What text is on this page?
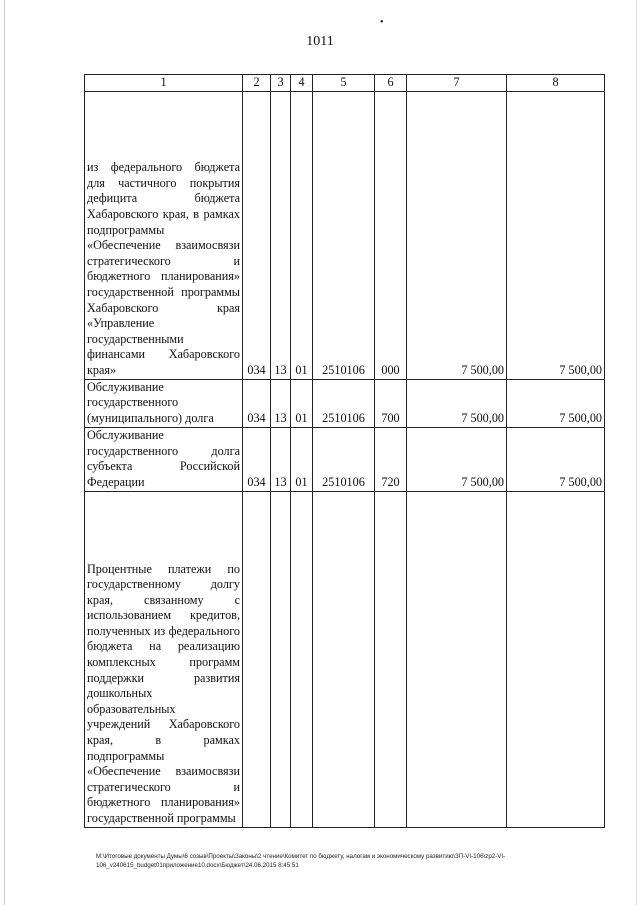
•
1011
1	2	3	4	5	6	7	8
из федерального бюджета для частичного покрытия дефицита бюджета Хабаровского края, в рамках подпрограммы «Обеспечение взаимосвязи стратегического и бюджетного планирования» государственной программы Хабаровского края «Управление государственными финансами Хабаровского края»	034	13	01	2510106	000	7 500,00	7 500,00
Обслуживание государственного (муниципального) долга	034	13	01	2510106	700	7 500,00	7 500,00
Обслуживание государственного долга субъекта Российской Федерации	034	13	01	2510106	720	7 500,00	7 500,00
Процентные платежи по государственному долгу края, связанному с использованием кредитов, полученных из федерального бюджета на реализацию комплексных программ поддержки развития дошкольных образовательных учреждений Хабаровского края, в рамках подпрограммы «Обеспечение взаимосвязи стратегического и бюджетного планирования» государственной программы							
M:\Итоговые документы Думы\6 созыв\Проекты\Законы\2 чтение\Комитет по бюджету, налогам и экономическому развитию\ЗП-VI-106\zp2-VI-106_v240615_budget01приложение10.docx\Бюджет\24.06.2015 8:45:51
